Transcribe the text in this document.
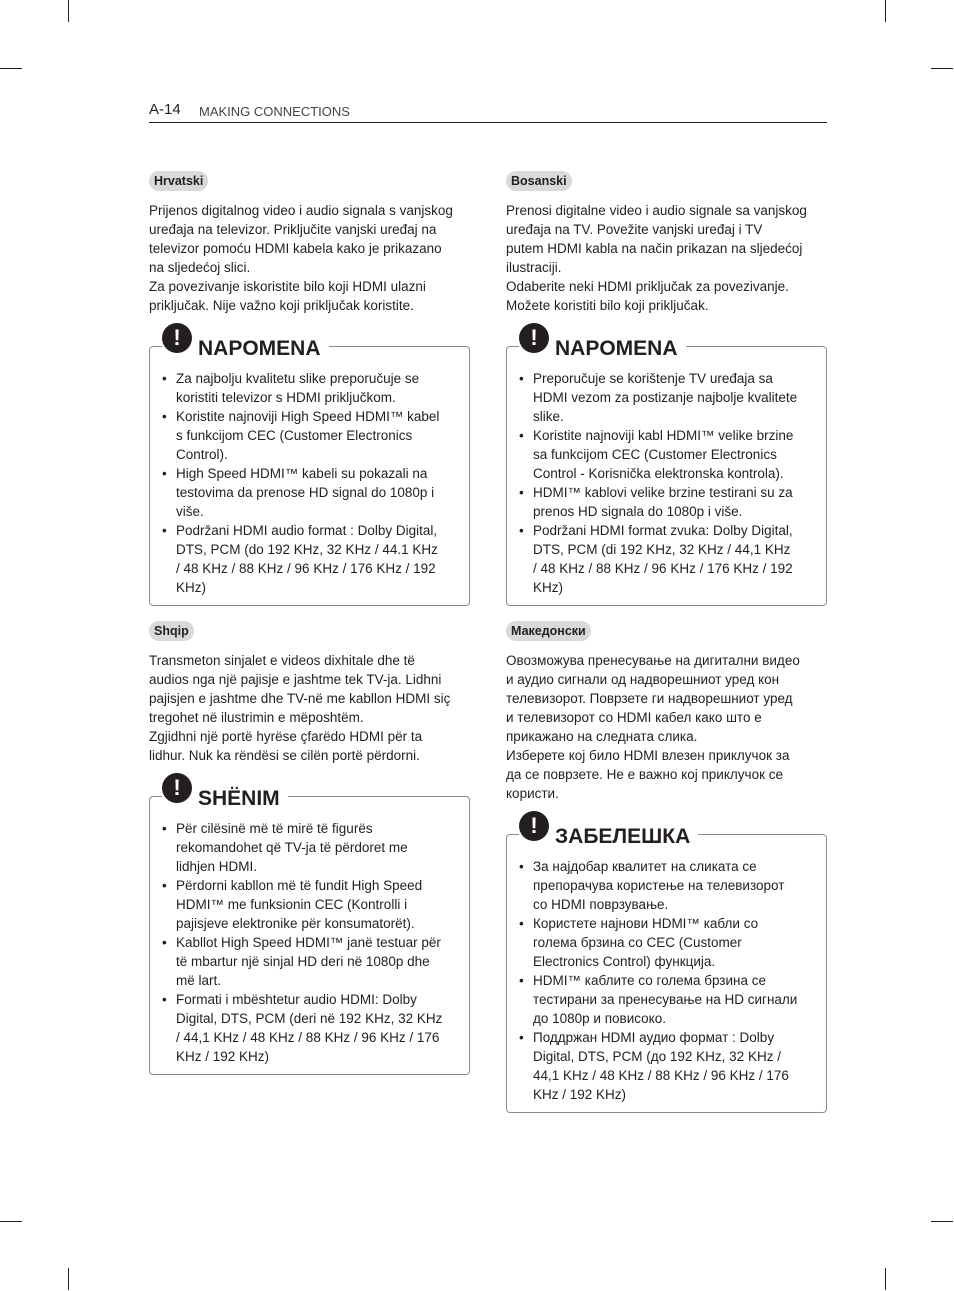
A-14 MAKING CONNECTIONS
Hrvatski

Prijenos digitalnog video i audio signala s vanjskog

uređaja na televizor. Priključite vanjski uređaj na

televizor pomoću HDMI kabela kako je prikazano

na sljedećoj slici.

Za povezivanje iskoristite bilo koji HDMI ulazni

priključak. Nije važno koji priključak koristite.

! NAPOMENA
• Za najbolju kvalitetu slike preporučuje se
koristiti televizor s HDMI priključkom.
• Koristite najnoviji High Speed HDMI™ kabel
s funkcijom CEC (Customer Electronics
Control).
• High Speed HDMI™ kabeli su pokazali na
testovima da prenose HD signal do 1080p i
više.
• Podržani HDMI audio format : Dolby Digital,
DTS, PCM (do 192 KHz, 32 KHz / 44.1 KHz
/ 48 KHz / 88 KHz / 96 KHz / 176 KHz / 192
KHz)
Bosanski

Prenosi digitalne video i audio signale sa vanjskog

uređaja na TV. Povežite vanjski uređaj i TV

putem HDMI kabla na način prikazan na sljedećoj

ilustraciji.

Odaberite neki HDMI priključak za povezivanje.

Možete koristiti bilo koji priključak.

! NAPOMENA
• Preporučuje se korištenje TV uređaja sa
HDMI vezom za postizanje najbolje kvalitete
slike.
• Koristite najnoviji kabl HDMI™ velike brzine
sa funkcijom CEC (Customer Electronics
Control - Korisnička elektronska kontrola).
• HDMI™ kablovi velike brzine testirani su za
prenos HD signala do 1080p i više.
• Podržani HDMI format zvuka: Dolby Digital,
DTS, PCM (di 192 KHz, 32 KHz / 44,1 KHz
/ 48 KHz / 88 KHz / 96 KHz / 176 KHz / 192
KHz)
Shqip

Transmeton sinjalet e videos dixhitale dhe të

audios nga një pajisje e jashtme tek TV-ja. Lidhni

pajisjen e jashtme dhe TV-në me kabllon HDMI siç

tregohet në ilustrimin e mëposhtëm.

Zgjidhni një portë hyrëse çfarëdo HDMI për ta

lidhur. Nuk ka rëndësi se cilën portë përdorni.

! SHËNIM
• Për cilësinë më të mirë të figurës
rekomandohet që TV-ja të përdoret me
lidhjen HDMI.
• Përdorni kabllon më të fundit High Speed
HDMI™ me funksionin CEC (Kontrolli i
pajisjeve elektronike për konsumatorët).
• Kabllot High Speed HDMI™ janë testuar për
të mbartur një sinjal HD deri në 1080p dhe
më lart.
• Formati i mbështetur audio HDMI: Dolby
Digital, DTS, PCM (deri në 192 KHz, 32 KHz
/ 44,1 KHz / 48 KHz / 88 KHz / 96 KHz / 176
KHz / 192 KHz)
Македонски

Овозможува пренесување на дигитални видео

и аудио сигнали од надворешниот уред кон

телевизорот. Поврзете ги надворешниот уред

и телевизорот со HDMI кабел како што е

прикажано на следната слика.

Изберете кој било HDMI влезен приклучок за

да се поврзете. Не е важно кој приклучок се

користи.

! ЗАБЕЛЕШКА
• За најдобар квалитет на сликата се
препорачува користење на телевизорот
со HDMI поврзување.
• Користете најнови HDMI™ кабли со
голема брзина со CEC (Customer
Electronics Control) функција.
• HDMI™ каблите со голема брзина се
тестирани за пренесување на HD сигнали
до 1080p и повисоко.
• Поддржан HDMI аудио формат : Dolby
Digital, DTS, PCM (до 192 KHz, 32 KHz /
44,1 KHz / 48 KHz / 88 KHz / 96 KHz / 176
KHz / 192 KHz)
